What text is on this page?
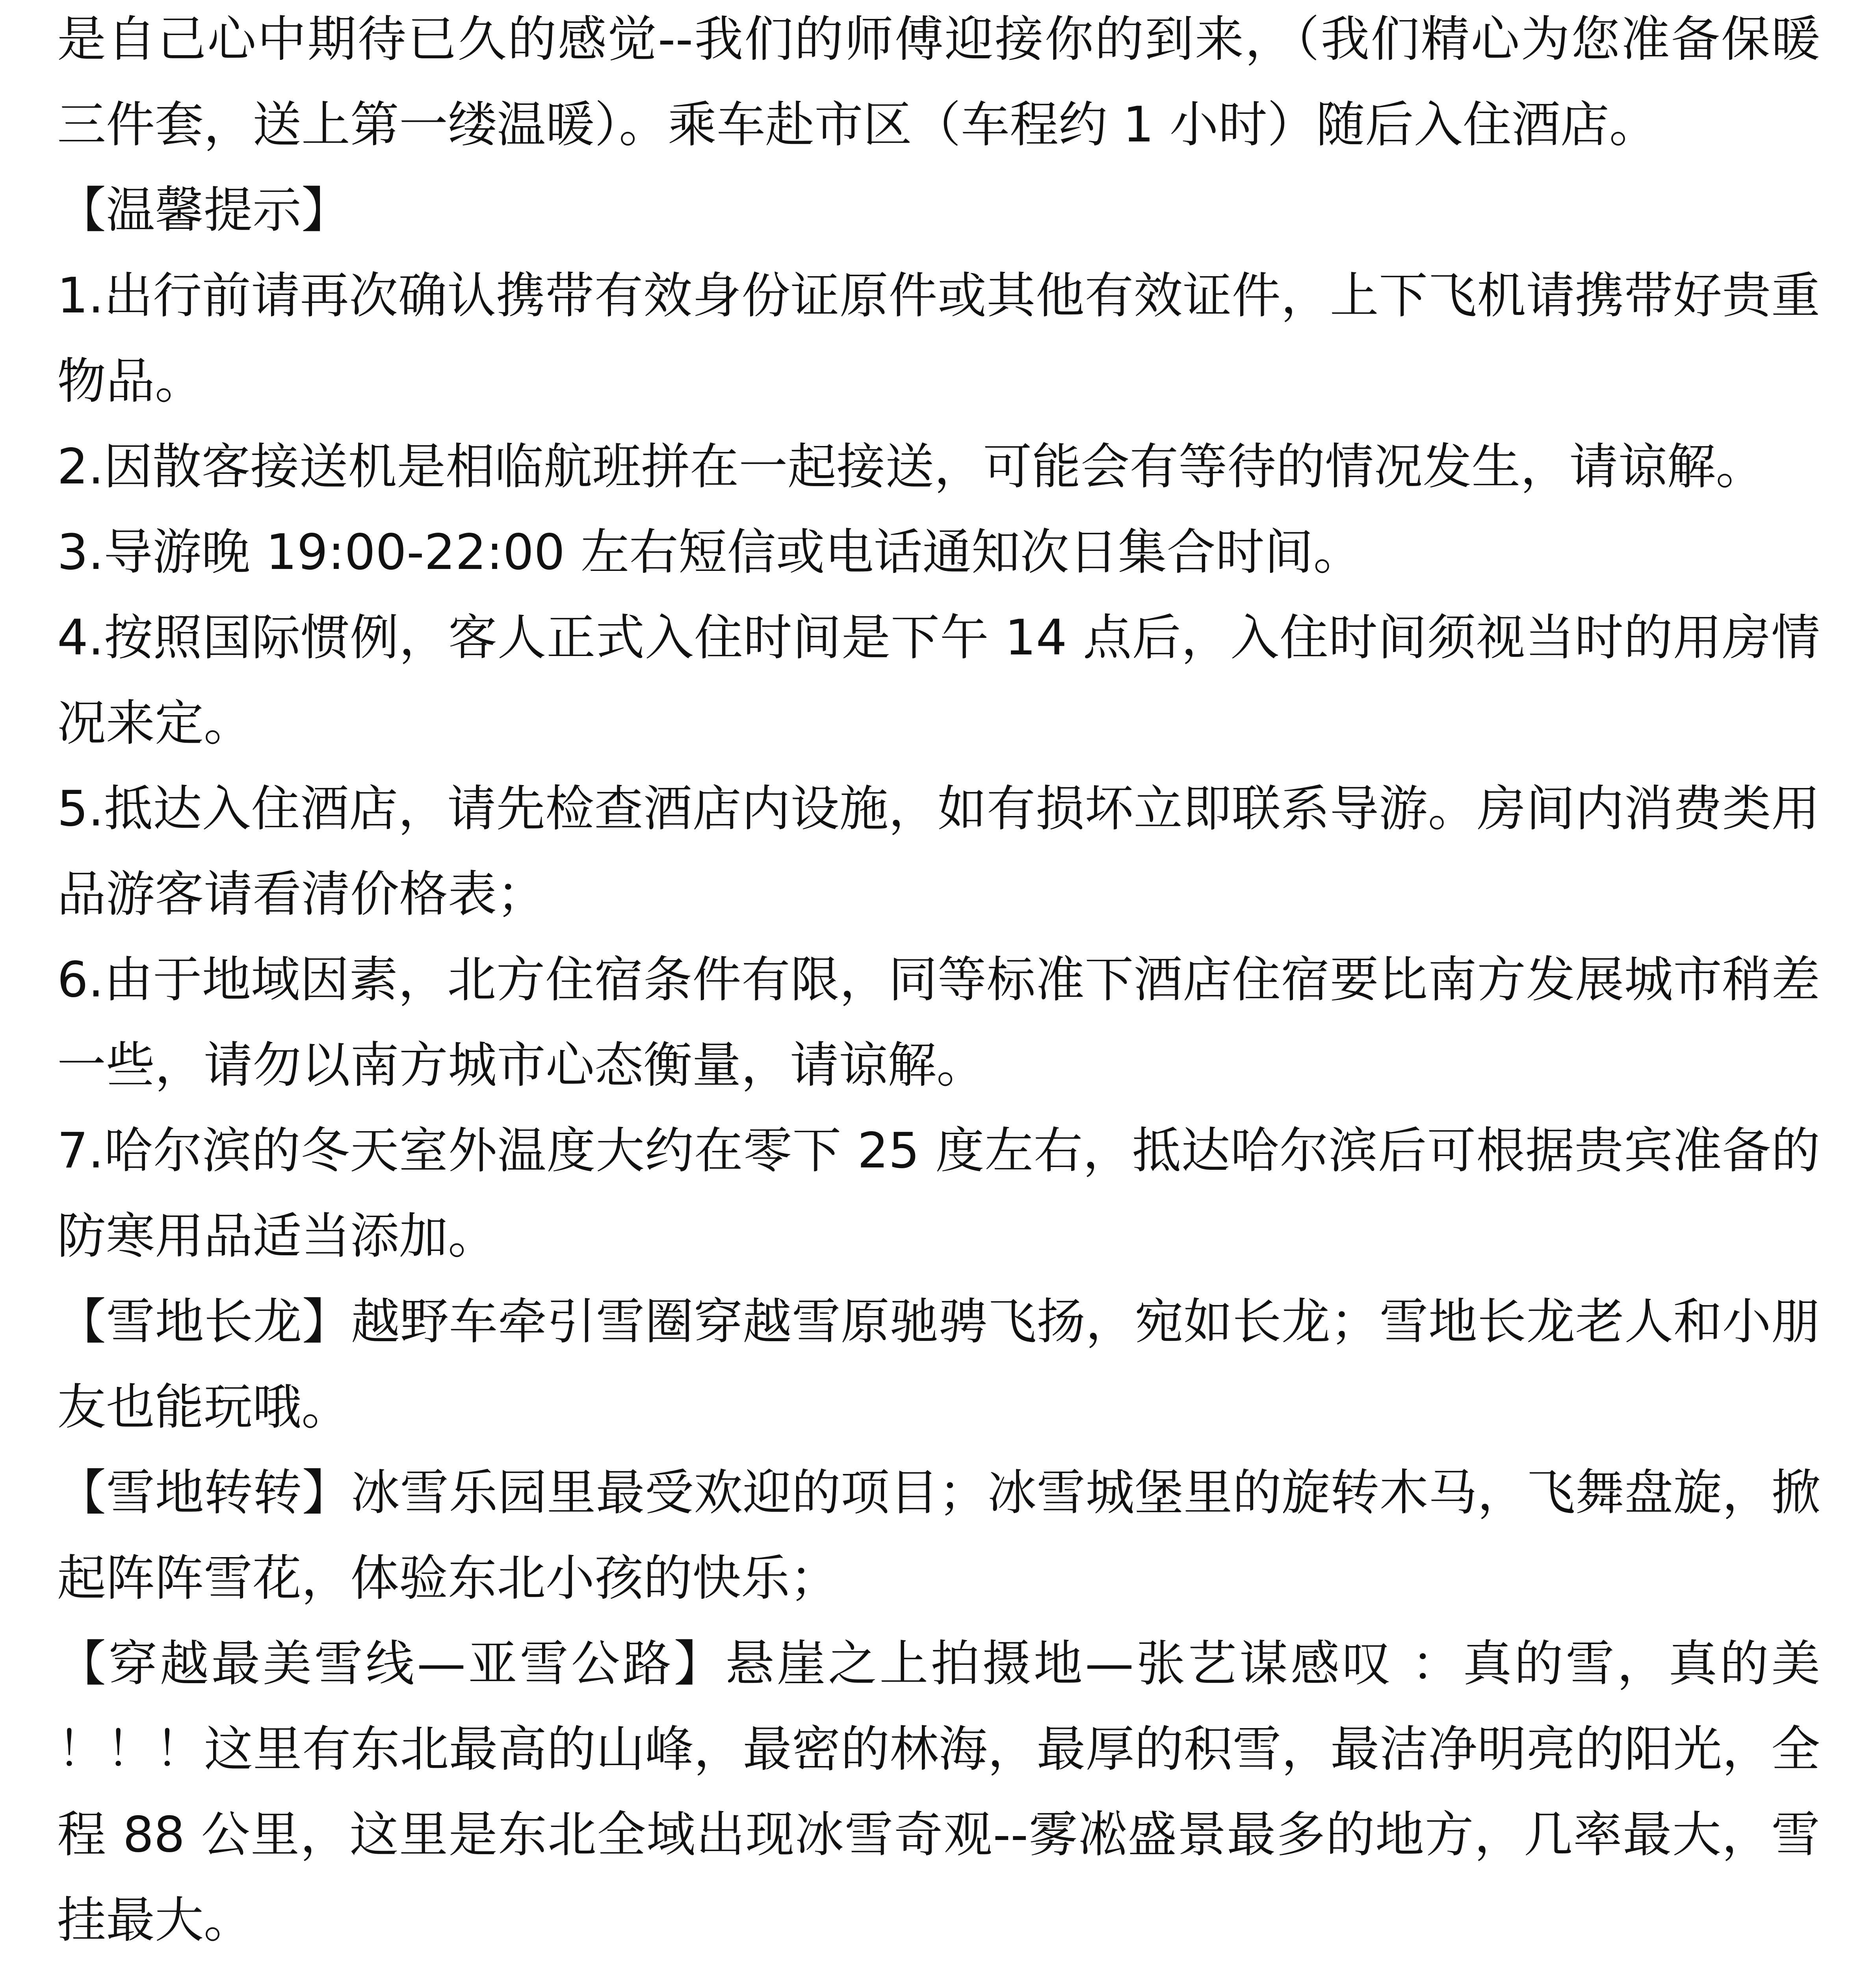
是自己心中期待已久的感觉--我们的师傅迎接你的到来，（我们精心为您准备保暖三件套，送上第一缕温暖）。乘车赴市区（车程约 1 小时）随后入住酒店。

【温馨提示】

1.出行前请再次确认携带有效身份证原件或其他有效证件，上下飞机请携带好贵重物品。

2.因散客接送机是相临航班拼在一起接送，可能会有等待的情况发生，请谅解。

3.导游晚 19:00-22:00 左右短信或电话通知次日集合时间。

4.按照国际惯例，客人正式入住时间是下午 14 点后，入住时间须视当时的用房情况来定。

5.抵达入住酒店，请先检查酒店内设施，如有损坏立即联系导游。房间内消费类用品游客请看清价格表；

6.由于地域因素，北方住宿条件有限，同等标准下酒店住宿要比南方发展城市稍差一些，请勿以南方城市心态衡量，请谅解。

7.哈尔滨的冬天室外温度大约在零下 25 度左右，抵达哈尔滨后可根据贵宾准备的防寒用品适当添加。

【雪地长龙】越野车牵引雪圈穿越雪原驰骋飞扬，宛如长龙；雪地长龙老人和小朋友也能玩哦。

【雪地转转】冰雪乐园里最受欢迎的项目；冰雪城堡里的旋转木马，飞舞盘旋，掀起阵阵雪花，体验东北小孩的快乐；

【穿越最美雪线—亚雪公路】悬崖之上拍摄地—张艺谋感叹 ：真的雪，真的美 ！！！这里有东北最高的山峰，最密的林海，最厚的积雪，最洁净明亮的阳光，全程 88 公里，这里是东北全域出现冰雪奇观--雾凇盛景最多的地方，几率最大，雪挂最大。
